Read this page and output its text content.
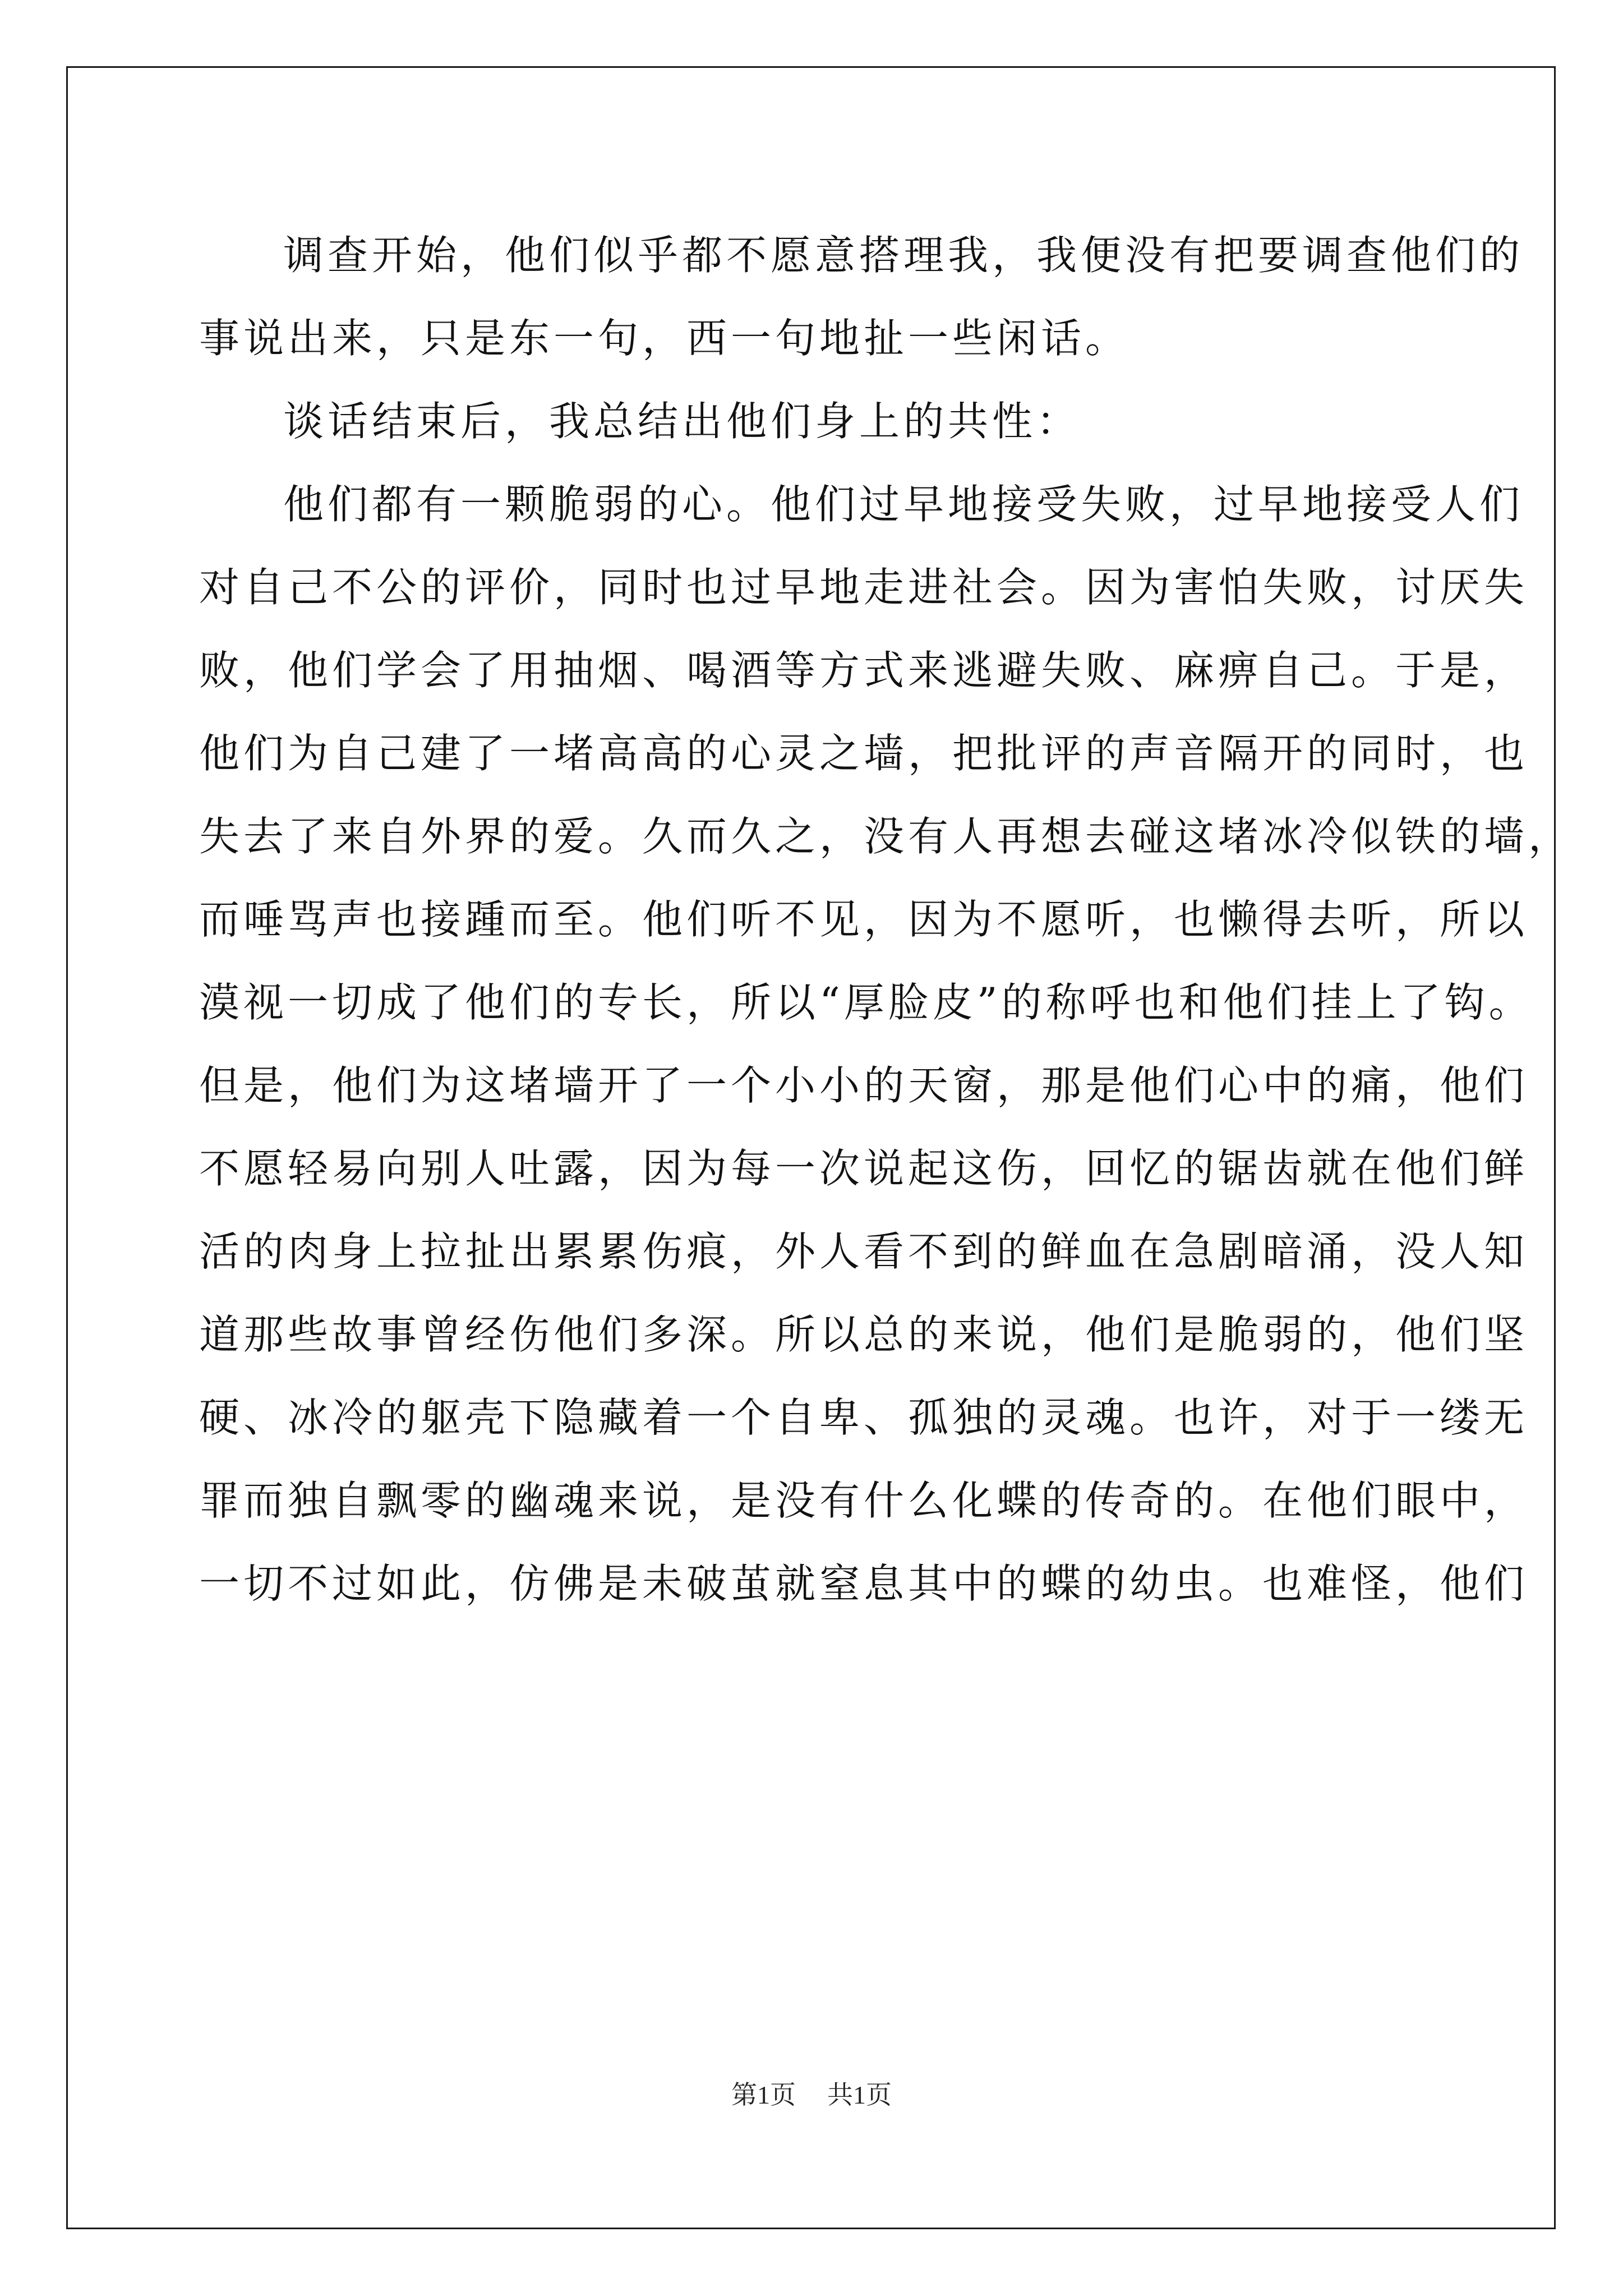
调查开始，他们似乎都不愿意搭理我，我便没有把要调查他们的
事说出来，只是东一句，西一句地扯一些闲话。
谈话结束后，我总结出他们身上的共性：
他们都有一颗脆弱的心。他们过早地接受失败，过早地接受人们
对自己不公的评价，同时也过早地走进社会。因为害怕失败，讨厌失
败，他们学会了用抽烟、喝酒等方式来逃避失败、麻痹自己。于是，
他们为自己建了一堵高高的心灵之墙，把批评的声音隔开的同时，也
失去了来自外界的爱。久而久之，没有人再想去碰这堵冰冷似铁的墙，
而唾骂声也接踵而至。他们听不见，因为不愿听，也懒得去听，所以
漠视一切成了他们的专长，所以“厚脸皮”的称呼也和他们挂上了钩。
但是，他们为这堵墙开了一个小小的天窗，那是他们心中的痛，他们
不愿轻易向别人吐露，因为每一次说起这伤，回忆的锯齿就在他们鲜
活的肉身上拉扯出累累伤痕，外人看不到的鲜血在急剧暗涌，没人知
道那些故事曾经伤他们多深。所以总的来说，他们是脆弱的，他们坚
硬、冰冷的躯壳下隐藏着一个自卑、孤独的灵魂。也许，对于一缕无
罪而独自飘零的幽魂来说，是没有什么化蝶的传奇的。在他们眼中，
一切不过如此，仿佛是未破茧就窒息其中的蝶的幼虫。也难怪，他们
第1页 共1页
